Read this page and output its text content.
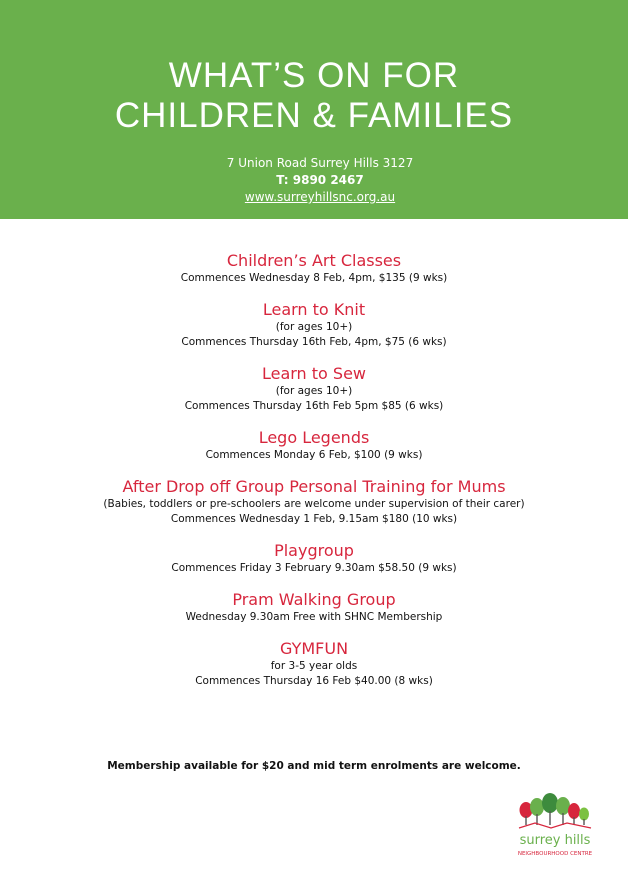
WHAT’S ON FOR
CHILDREN & FAMILIES
7 Union Road Surrey Hills 3127
T: 9890 2467
www.surreyhillsnc.org.au
Children’s Art Classes
Commences Wednesday 8 Feb, 4pm, $135 (9 wks)
Learn to Knit
(for ages 10+)
Commences Thursday 16th Feb, 4pm, $75 (6 wks)
Learn to Sew
(for ages 10+)
Commences Thursday 16th Feb 5pm $85 (6 wks)
Lego Legends
Commences Monday 6 Feb, $100 (9 wks)
After Drop off Group Personal Training for Mums
(Babies, toddlers or pre-schoolers are welcome under supervision of their carer)
Commences Wednesday 1 Feb, 9.15am $180 (10 wks)
Playgroup
Commences Friday 3 February 9.30am $58.50 (9 wks)
Pram Walking Group
Wednesday 9.30am Free with SHNC Membership
GYMFUN
for 3-5 year olds
Commences Thursday 16 Feb $40.00 (8 wks)
Membership available for $20 and mid term enrolments are welcome.
surrey hills
NEIGHBOURHOOD CENTRE
